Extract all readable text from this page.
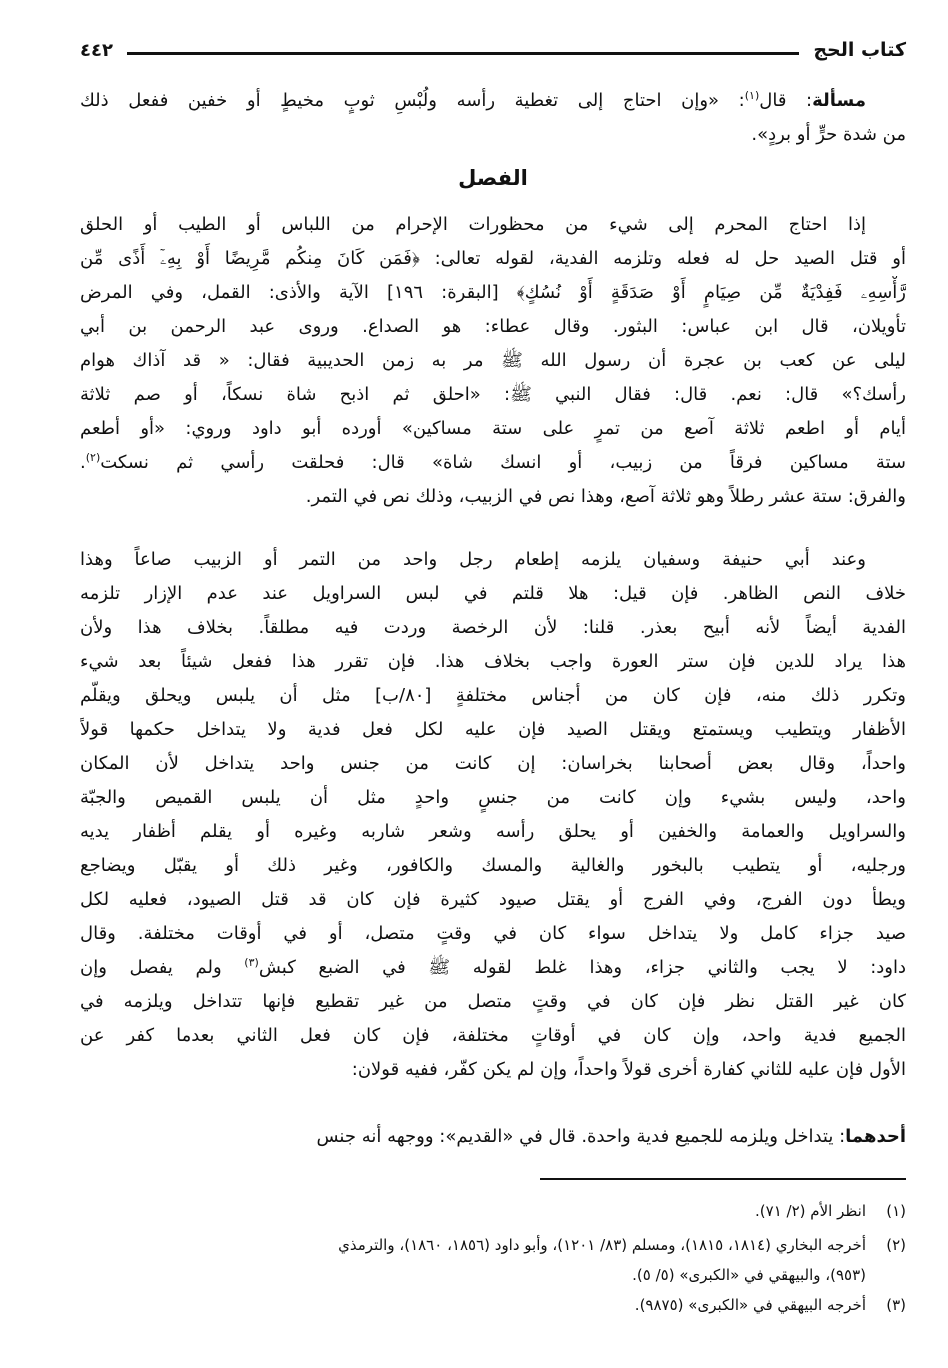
كتاب الحج
٤٤٢
مسألة: قال$^{(١)}$: «وإن احتاج إلى تغطية رأسه ولُبْسِ ثوبٍ مخيطٍ أو خفين ففعل ذلك
من شدة حرٍّ أو بردٍ».
الفصل
إذا احتاج المحرم إلى شيء من محظورات الإحرام من اللباس أو الطيب أو الحلق
أو قتل الصيد حل له فعله وتلزمه الفدية، لقوله تعالى: ﴿فَمَن كَانَ مِنكُم مَّرِيضًا أَوْ بِهِۦٓ أَذًى مِّن
رَّأْسِهِۦ فَفِدْيَةٌ مِّن صِيَامٍ أَوْ صَدَقَةٍ أَوْ نُسُكٍ﴾ [البقرة: ١٩٦] الآية والأذى: القمل، وفي المرض
تأويلان، قال ابن عباس: البثور. وقال عطاء: هو الصداع. وروى عبد الرحمن بن أبي
ليلى عن كعب بن عجرة أن رسول الله ﷺ مر به زمن الحديبية فقال: « قد آذاك هوام
رأسك؟» قال: نعم. قال: فقال النبي ﷺ: «احلق ثم اذبح شاة نسكاً، أو صم ثلاثة
أيام أو اطعم ثلاثة آصع من تمرٍ على ستة مساكين» أورده أبو داود وروي: «أو أطعم
ستة مساكين فرقاً من زبيب، أو انسك شاة» قال: فحلقت رأسي ثم نسكت$^{(٢)}$.
والفرق: ستة عشر رطلاً وهو ثلاثة آصع، وهذا نص في الزبيب، وذلك نص في التمر.
وعند أبي حنيفة وسفيان يلزمه إطعام رجل واحد من التمر أو الزبيب صاعاً وهذا
خلاف النص الظاهر. فإن قيل: هلا قلتم في لبس السراويل عند عدم الإزار تلزمه
الفدية أيضاً لأنه أبيح بعذر. قلنا: لأن الرخصة وردت فيه مطلقاً. بخلاف هذا ولأن
هذا يراد للدين فإن ستر العورة واجب بخلاف هذا. فإن تقرر هذا ففعل شيئاً بعد شيء
وتكرر ذلك منه، فإن كان من أجناس مختلفةٍ [٨٠/ب] مثل أن يلبس ويحلق ويقلّم
الأظفار ويتطيب ويستمتع ويقتل الصيد فإن عليه لكل فعل فدية ولا يتداخل حكمها قولاً
واحداً، وقال بعض أصحابنا بخراسان: إن كانت من جنس واحد يتداخل لأن المكان
واحد، وليس بشيء وإن كانت من جنسٍ واحدٍ مثل أن يلبس القميص والجبّة
والسراويل والعمامة والخفين أو يحلق رأسه وشعر شاربه وغيره أو يقلم أظفار يديه
ورجليه، أو يتطيب بالبخور والغالية والمسك والكافور، وغير ذلك أو يقبّل ويضاجع
ويطأ دون الفرج، وفي الفرج أو يقتل صيود كثيرة فإن كان قد قتل الصيود، فعليه لكل
صيد جزاء كامل ولا يتداخل سواء كان في وقتٍ متصل، أو في أوقات مختلفة. وقال
داود: لا يجب والثاني جزاء، وهذا غلط لقوله ﷺ في الضبع كبش$^{(٣)}$ ولم يفصل وإن
كان غير القتل نظر فإن كان في وقتٍ متصل من غير تقطيع فإنها تتداخل ويلزمه في
الجميع فدية واحد، وإن كان في أوقاتٍ مختلفة، فإن كان فعل الثاني بعدما كفر عن
الأول فإن عليه للثاني كفارة أخرى قولاً واحداً، وإن لم يكن كفّر، ففيه قولان:
أحدهما: يتداخل ويلزمه للجميع فدية واحدة. قال في «القديم»: ووجهه أنه جنس
(١)انظر الأم (٢/ ٧١).
(٢)أخرجه البخاري (١٨١٤، ١٨١٥)، ومسلم (٨٣/ ١٢٠١)، وأبو داود (١٨٥٦، ١٨٦٠)، والترمذي
(٩٥٣)، والبيهقي في «الكبرى» (٥/ ٥).
(٣)أخرجه البيهقي في «الكبرى» (٩٨٧٥).
